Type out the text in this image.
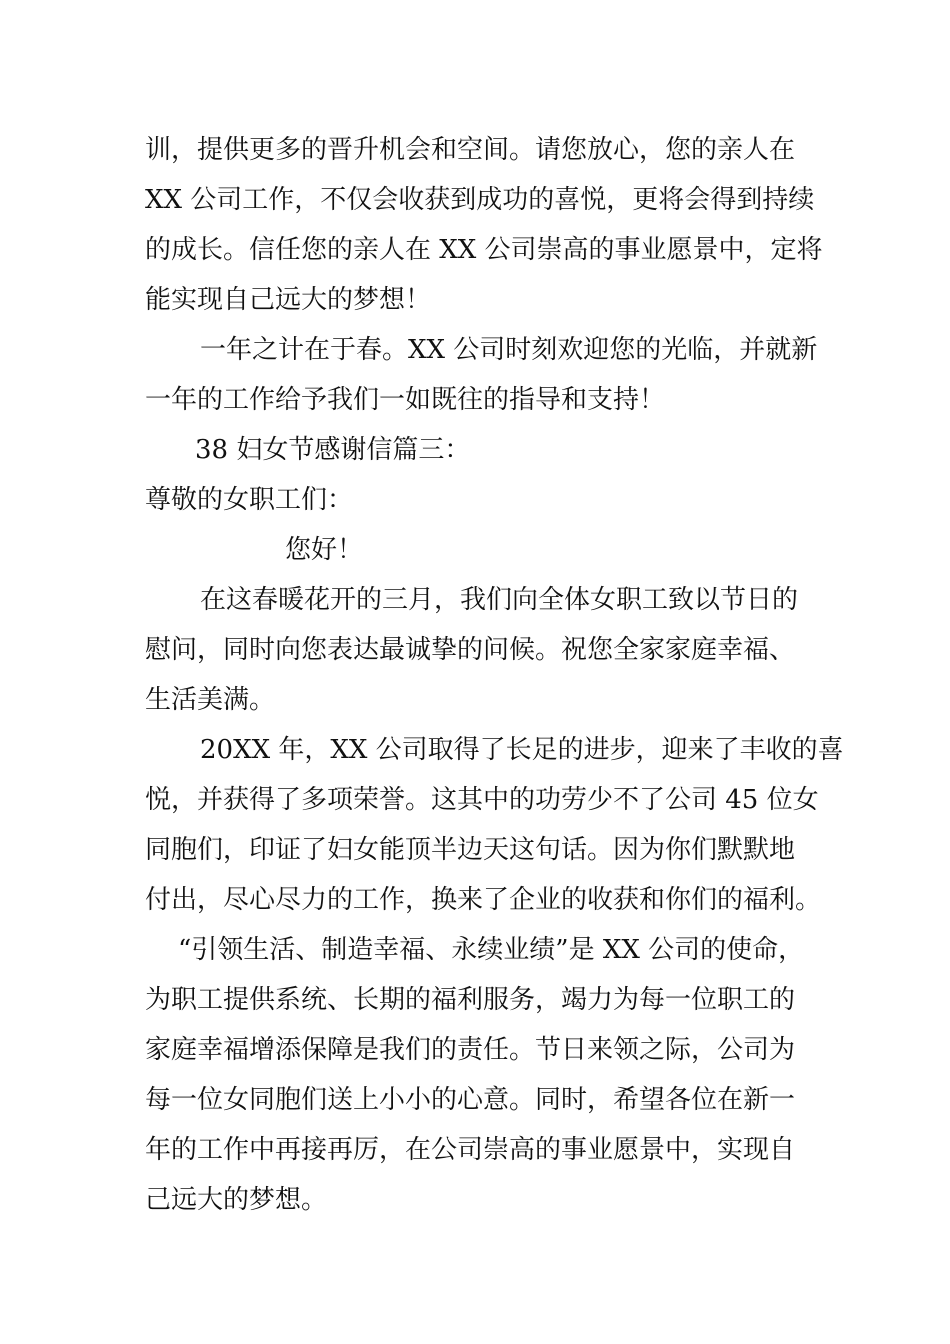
训，提供更多的晋升机会和空间。请您放心，您的亲人在
XX 公司工作，不仅会收获到成功的喜悦，更将会得到持续
的成长。信任您的亲人在 XX 公司崇高的事业愿景中，定将
能实现自己远大的梦想！
一年之计在于春。XX 公司时刻欢迎您的光临，并就新
一年的工作给予我们一如既往的指导和支持！
38 妇女节感谢信篇三：
尊敬的女职工们：
您好！
在这春暖花开的三月，我们向全体女职工致以节日的
慰问，同时向您表达最诚挚的问候。祝您全家家庭幸福、
生活美满。
20XX 年，XX 公司取得了长足的进步，迎来了丰收的喜
悦，并获得了多项荣誉。这其中的功劳少不了公司 45 位女
同胞们，印证了妇女能顶半边天这句话。因为你们默默地
付出，尽心尽力的工作，换来了企业的收获和你们的福利。
“引领生活、制造幸福、永续业绩”是 XX 公司的使命，
为职工提供系统、长期的福利服务，竭力为每一位职工的
家庭幸福增添保障是我们的责任。节日来领之际，公司为
每一位女同胞们送上小小的心意。同时，希望各位在新一
年的工作中再接再厉，在公司崇高的事业愿景中，实现自
己远大的梦想。
